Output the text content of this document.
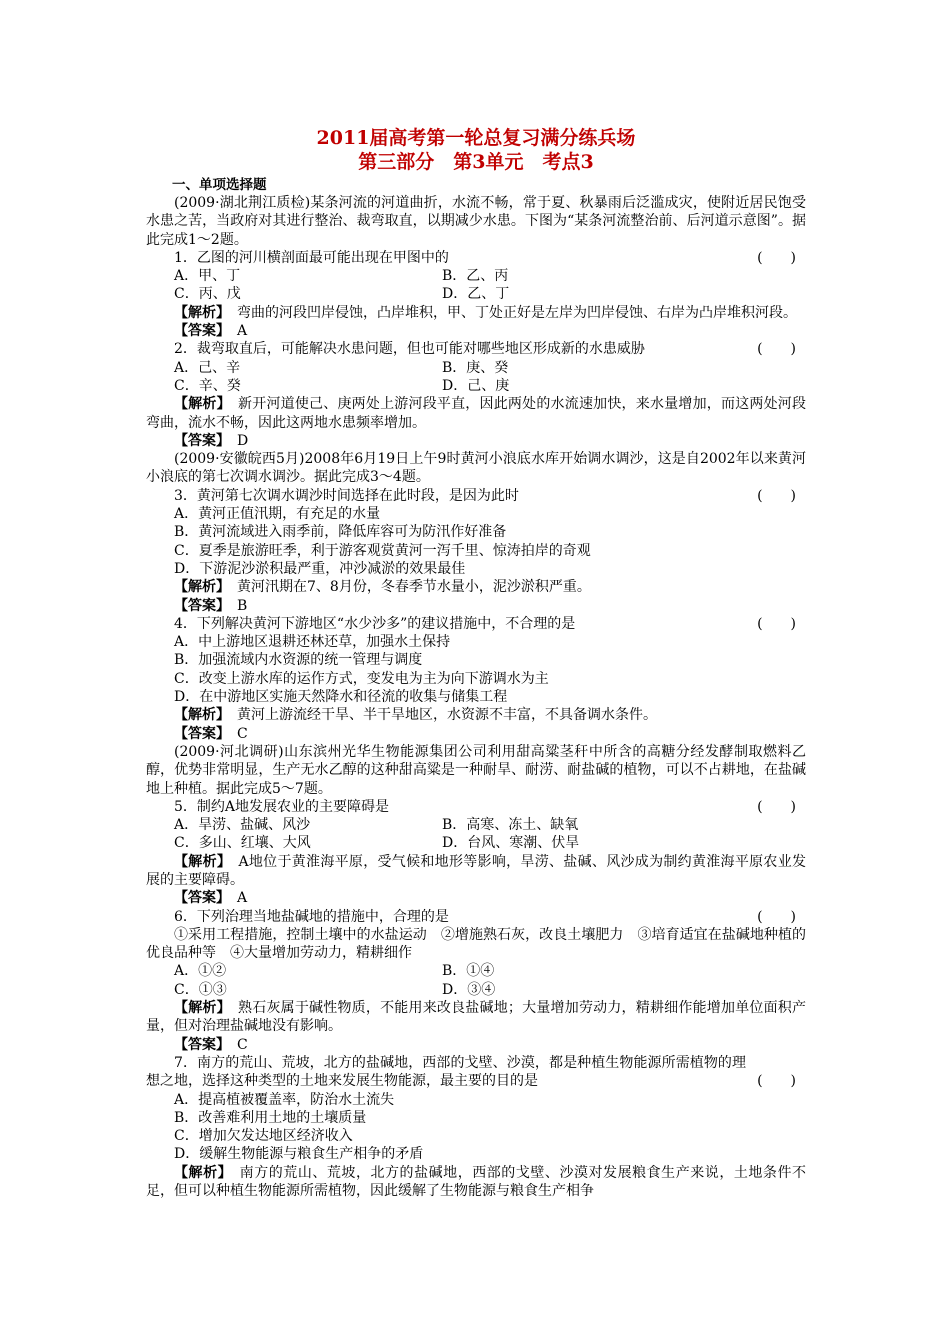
2011届高考第一轮总复习满分练兵场

第三部分　第3单元　考点3

一、单项选择题

(2009·湖北荆江质检)某条河流的河道曲折，水流不畅，常于夏、秋暴雨后泛滥成灾，使附近居民饱受水患之苦，当政府对其进行整治、裁弯取直，以期减少水患。下图为“某条河流整治前、后河道示意图”。据此完成1～2题。

1．乙图的河川横剖面最可能出现在甲图中的	(　　)

A．甲、丁	B．乙、丙
C．丙、戊	D．乙、丁

【解析】　弯曲的河段凹岸侵蚀，凸岸堆积，甲、丁处正好是左岸为凹岸侵蚀、右岸为凸岸堆积河段。

【答案】　A

2．裁弯取直后，可能解决水患问题，但也可能对哪些地区形成新的水患威胁	(　　)

A．己、辛	B．庚、癸
C．辛、癸	D．己、庚

【解析】　新开河道使己、庚两处上游河段平直，因此两处的水流速加快，来水量增加，而这两处河段弯曲，流水不畅，因此这两地水患频率增加。

【答案】　D

(2009·安徽皖西5月)2008年6月19日上午9时黄河小浪底水库开始调水调沙，这是自2002年以来黄河小浪底的第七次调水调沙。据此完成3～4题。

3．黄河第七次调水调沙时间选择在此时段，是因为此时	(　　)

A．黄河正值汛期，有充足的水量

B．黄河流域进入雨季前，降低库容可为防汛作好准备

C．夏季是旅游旺季，利于游客观赏黄河一泻千里、惊涛拍岸的奇观

D．下游泥沙淤积最严重，冲沙减淤的效果最佳

【解析】　黄河汛期在7、8月份，冬春季节水量小，泥沙淤积严重。

【答案】　B

4．下列解决黄河下游地区“水少沙多”的建议措施中，不合理的是	(　　)

A．中上游地区退耕还林还草，加强水土保持

B．加强流域内水资源的统一管理与调度

C．改变上游水库的运作方式，变发电为主为向下游调水为主

D．在中游地区实施天然降水和径流的收集与储集工程

【解析】　黄河上游流经干旱、半干旱地区，水资源不丰富，不具备调水条件。

【答案】　C

(2009·河北调研)山东滨州光华生物能源集团公司利用甜高粱茎秆中所含的高糖分经发酵制取燃料乙醇，优势非常明显，生产无水乙醇的这种甜高粱是一种耐旱、耐涝、耐盐碱的植物，可以不占耕地，在盐碱地上种植。据此完成5～7题。

5．制约A地发展农业的主要障碍是	(　　)

A．旱涝、盐碱、风沙	B．高寒、冻土、缺氧
C．多山、红壤、大风	D．台风、寒潮、伏旱

【解析】　A地位于黄淮海平原，受气候和地形等影响，旱涝、盐碱、风沙成为制约黄淮海平原农业发展的主要障碍。

【答案】　A

6．下列治理当地盐碱地的措施中，合理的是	(　　)

①采用工程措施，控制土壤中的水盐运动　②增施熟石灰，改良土壤肥力　③培育适宜在盐碱地种植的优良品种等　④大量增加劳动力，精耕细作

A．①②	B．①④
C．①③	D．③④

【解析】　熟石灰属于碱性物质，不能用来改良盐碱地；大量增加劳动力，精耕细作能增加单位面积产量，但对治理盐碱地没有影响。

【答案】　C

7．南方的荒山、荒坡，北方的盐碱地，西部的戈壁、沙漠，都是种植生物能源所需植物的理想之地，选择这种类型的土地来发展生物能源，最主要的目的是	(　　)

A．提高植被覆盖率，防治水土流失

B．改善难利用土地的土壤质量

C．增加欠发达地区经济收入

D．缓解生物能源与粮食生产相争的矛盾

【解析】　南方的荒山、荒坡，北方的盐碱地，西部的戈壁、沙漠对发展粮食生产来说，土地条件不足，但可以种植生物能源所需植物，因此缓解了生物能源与粮食生产相争
